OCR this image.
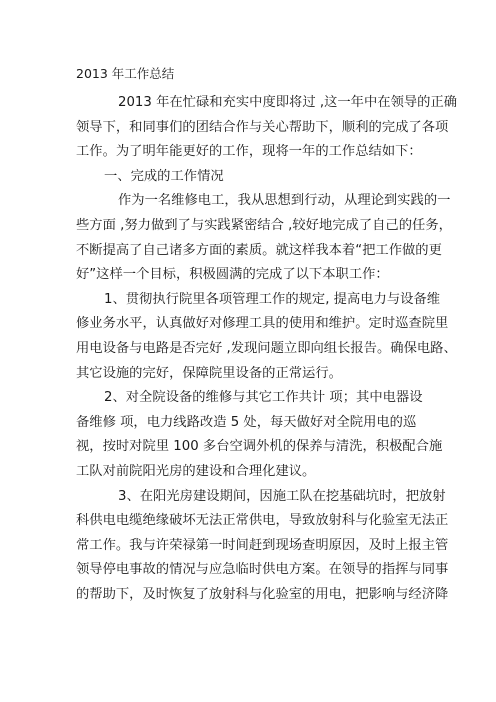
2013 年工作总结
2013 年在忙碌和充实中度即将过 ,这一年中在领导的正确
领导下，和同事们的团结合作与关心帮助下，顺利的完成了各项
工作。为了明年能更好的工作，现将一年的工作总结如下：
一、完成的工作情况
作为一名维修电工，我从思想到行动，从理论到实践的一
些方面 ,努力做到了与实践紧密结合 ,较好地完成了自己的任务，
不断提高了自己诸多方面的素质。就这样我本着“把工作做的更
好”这样一个目标，积极圆满的完成了以下本职工作：
1、贯彻执行院里各项管理工作的规定, 提高电力与设备维
修业务水平，认真做好对修理工具的使用和维护。定时巡查院里
用电设备与电路是否完好 ,发现问题立即向组长报告。确保电路、
其它设施的完好，保障院里设备的正常运行。
2、对全院设备的维修与其它工作共计 项；其中电器设
备维修 项，电力线路改造 5 处，每天做好对全院用电的巡
视，按时对院里 100 多台空调外机的保养与清洗，积极配合施
工队对前院阳光房的建设和合理化建议。
3、在阳光房建设期间，因施工队在挖基础坑时，把放射
科供电电缆绝缘破坏无法正常供电，导致放射科与化验室无法正
常工作。我与许荣禄第一时间赶到现场查明原因，及时上报主管
领导停电事故的情况与应急临时供电方案。在领导的指挥与同事
的帮助下，及时恢复了放射科与化验室的用电，把影响与经济降
